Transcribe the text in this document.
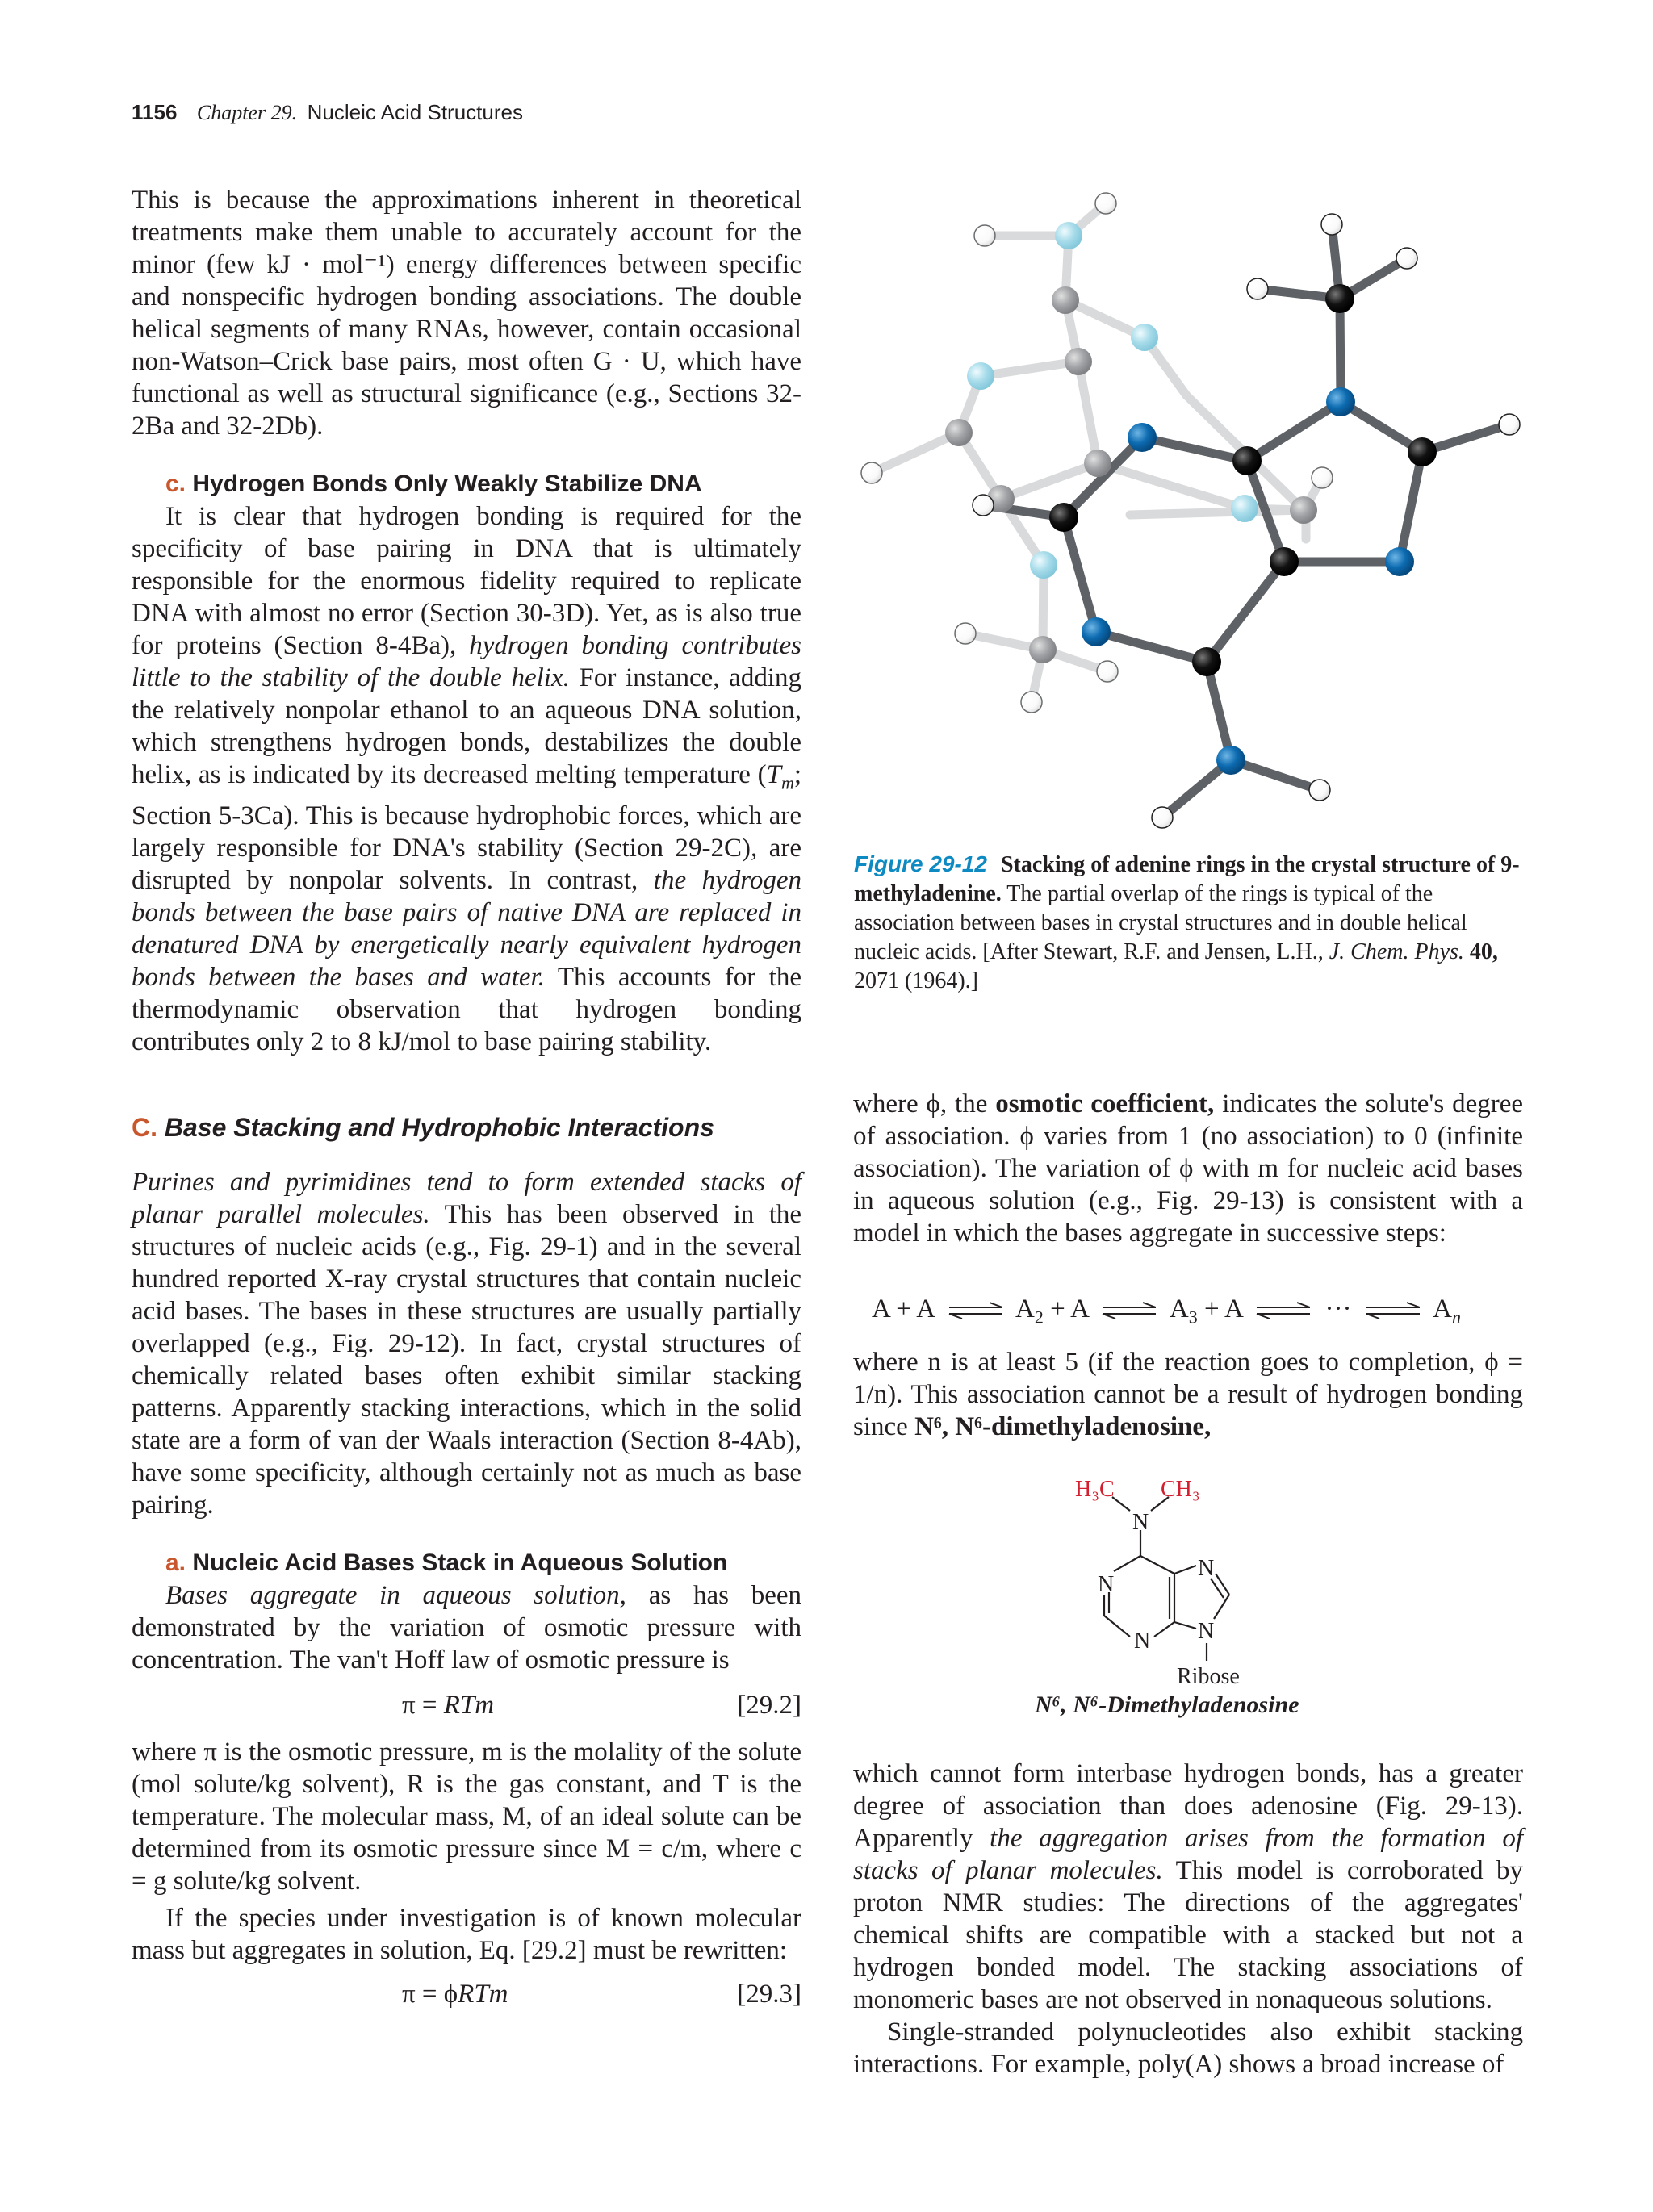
1156 Chapter 29. Nucleic Acid Structures

This is because the approximations inherent in theoretical treatments make them unable to accurately account for the minor (few kJ · mol⁻¹) energy differences between specific and nonspecific hydrogen bonding associations. The double helical segments of many RNAs, however, contain occasional non-Watson–Crick base pairs, most often G · U, which have functional as well as structural significance (e.g., Sections 32-2Ba and 32-2Db).

c. Hydrogen Bonds Only Weakly Stabilize DNA

It is clear that hydrogen bonding is required for the specificity of base pairing in DNA that is ultimately responsible for the enormous fidelity required to replicate DNA with almost no error (Section 30-3D). Yet, as is also true for proteins (Section 8-4Ba), hydrogen bonding contributes little to the stability of the double helix. For instance, adding the relatively nonpolar ethanol to an aqueous DNA solution, which strengthens hydrogen bonds, destabilizes the double helix, as is indicated by its decreased melting temperature ($T_m$; Section 5-3Ca). This is because hydrophobic forces, which are largely responsible for DNA's stability (Section 29-2C), are disrupted by nonpolar solvents. In contrast, the hydrogen bonds between the base pairs of native DNA are replaced in denatured DNA by energetically nearly equivalent hydrogen bonds between the bases and water. This accounts for the thermodynamic observation that hydrogen bonding contributes only 2 to 8 kJ/mol to base pairing stability.

C. Base Stacking and Hydrophobic Interactions

Purines and pyrimidines tend to form extended stacks of planar parallel molecules. This has been observed in the structures of nucleic acids (e.g., Fig. 29-1) and in the several hundred reported X-ray crystal structures that contain nucleic acid bases. The bases in these structures are usually partially overlapped (e.g., Fig. 29-12). In fact, crystal structures of chemically related bases often exhibit similar stacking patterns. Apparently stacking interactions, which in the solid state are a form of van der Waals interaction (Section 8-4Ab), have some specificity, although certainly not as much as base pairing.

a. Nucleic Acid Bases Stack in Aqueous Solution

Bases aggregate in aqueous solution, as has been demonstrated by the variation of osmotic pressure with concentration. The van't Hoff law of osmotic pressure is

π = RTm	[29.2]

where π is the osmotic pressure, m is the molality of the solute (mol solute/kg solvent), R is the gas constant, and T is the temperature. The molecular mass, M, of an ideal solute can be determined from its osmotic pressure since M = c/m, where c = g solute/kg solvent.

If the species under investigation is of known molecular mass but aggregates in solution, Eq. [29.2] must be rewritten:

π = ϕRTm	[29.3]
Figure 29-12 Stacking of adenine rings in the crystal structure of 9-methyladenine. The partial overlap of the rings is typical of the association between bases in crystal structures and in double helical nucleic acids. [After Stewart, R.F. and Jensen, L.H., J. Chem. Phys. 40, 2071 (1964).]

where ϕ, the osmotic coefficient, indicates the solute's degree of association. ϕ varies from 1 (no association) to 0 (infinite association). The variation of ϕ with m for nucleic acid bases in aqueous solution (e.g., Fig. 29-13) is consistent with a model in which the bases aggregate in successive steps:

A + A ⇌ $A_2 + A$ ⇌ $A_3 + A$ ⇌ ··· ⇌ $A_n$

where n is at least 5 (if the reaction goes to completion, ϕ = 1/n). This association cannot be a result of hydrogen bonding since N⁶, N⁶-dimethyladenosine,

H₃C CH₃
N
N
N
N
N
Ribose
N⁶, N⁶-Dimethyladenosine

which cannot form interbase hydrogen bonds, has a greater degree of association than does adenosine (Fig. 29-13). Apparently the aggregation arises from the formation of stacks of planar molecules. This model is corroborated by proton NMR studies: The directions of the aggregates' chemical shifts are compatible with a stacked but not a hydrogen bonded model. The stacking associations of monomeric bases are not observed in nonaqueous solutions.

Single-stranded polynucleotides also exhibit stacking interactions. For example, poly(A) shows a broad increase of
